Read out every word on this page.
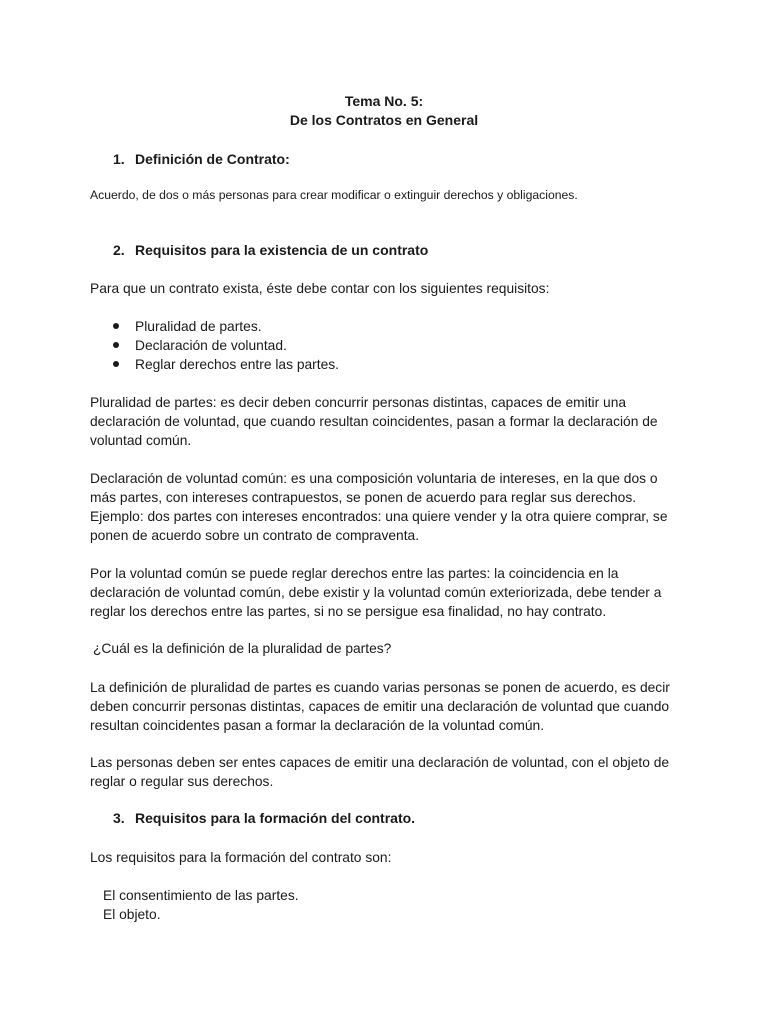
Tema No. 5:
De los Contratos en General
1. Definición de Contrato:

Acuerdo, de dos o más personas para crear modificar o extinguir derechos y obligaciones.

2. Requisitos para la existencia de un contrato

Para que un contrato exista, éste debe contar con los siguientes requisitos:

Pluralidad de partes.
Declaración de voluntad.
Reglar derechos entre las partes.

Pluralidad de partes: es decir deben concurrir personas distintas, capaces de emitir una declaración de voluntad, que cuando resultan coincidentes, pasan a formar la declaración de voluntad común.

Declaración de voluntad común: es una composición voluntaria de intereses, en la que dos o más partes, con intereses contrapuestos, se ponen de acuerdo para reglar sus derechos. Ejemplo: dos partes con intereses encontrados: una quiere vender y la otra quiere comprar, se ponen de acuerdo sobre un contrato de compraventa.

Por la voluntad común se puede reglar derechos entre las partes: la coincidencia en la declaración de voluntad común, debe existir y la voluntad común exteriorizada, debe tender a reglar los derechos entre las partes, si no se persigue esa finalidad, no hay contrato.

¿Cuál es la definición de la pluralidad de partes?

La definición de pluralidad de partes es cuando varias personas se ponen de acuerdo, es decir deben concurrir personas distintas, capaces de emitir una declaración de voluntad que cuando resultan coincidentes pasan a formar la declaración de la voluntad común.

Las personas deben ser entes capaces de emitir una declaración de voluntad, con el objeto de reglar o regular sus derechos.

3. Requisitos para la formación del contrato.

Los requisitos para la formación del contrato son:

El consentimiento de las partes.
El objeto.
